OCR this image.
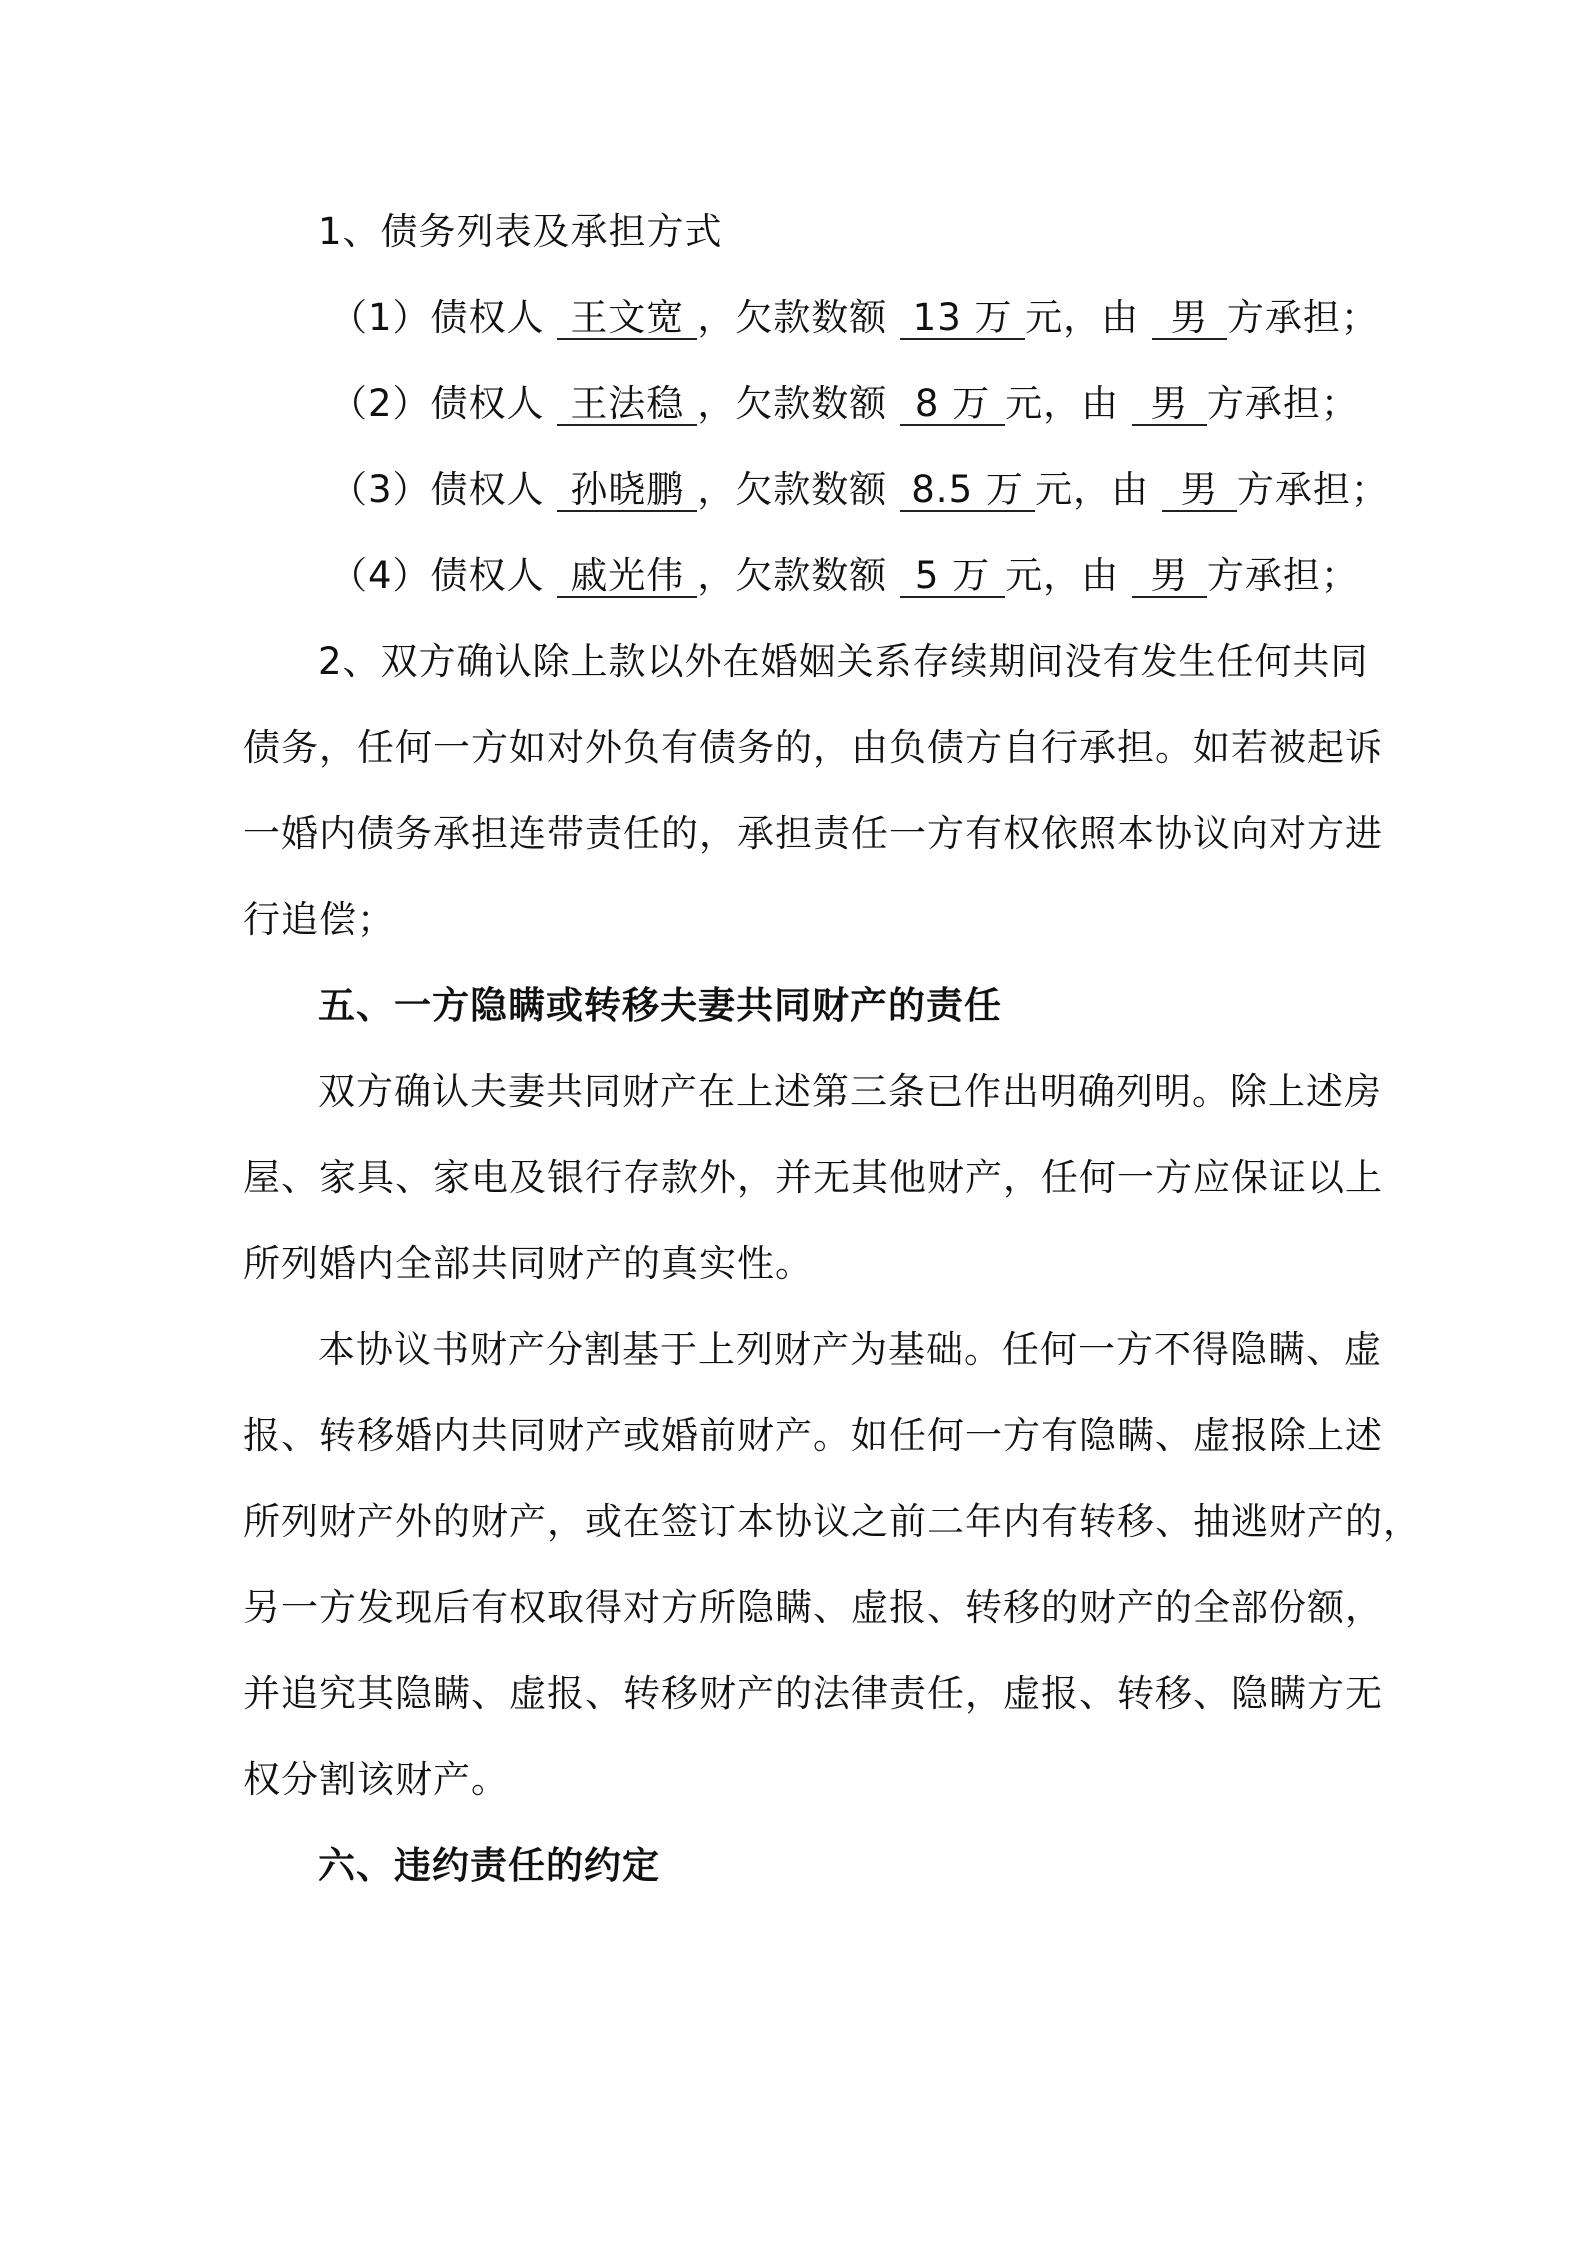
1、债务列表及承担方式
（1）债权人 王文宽 ，欠款数额 13 万 元，由 男 方承担；
（2）债权人 王法稳 ，欠款数额 8 万 元，由 男 方承担；
（3）债权人 孙晓鹏 ，欠款数额 8.5 万 元，由 男 方承担；
（4）债权人 戚光伟 ，欠款数额 5 万 元，由 男 方承担；
2、双方确认除上款以外在婚姻关系存续期间没有发生任何共同
债务，任何一方如对外负有债务的，由负债方自行承担。如若被起诉
一婚内债务承担连带责任的，承担责任一方有权依照本协议向对方进
行追偿；
五、一方隐瞒或转移夫妻共同财产的责任
双方确认夫妻共同财产在上述第三条已作出明确列明。除上述房
屋、家具、家电及银行存款外，并无其他财产，任何一方应保证以上
所列婚内全部共同财产的真实性。
本协议书财产分割基于上列财产为基础。任何一方不得隐瞒、虚
报、转移婚内共同财产或婚前财产。如任何一方有隐瞒、虚报除上述
所列财产外的财产，或在签订本协议之前二年内有转移、抽逃财产的，
另一方发现后有权取得对方所隐瞒、虚报、转移的财产的全部份额，
并追究其隐瞒、虚报、转移财产的法律责任，虚报、转移、隐瞒方无
权分割该财产。
六、违约责任的约定
